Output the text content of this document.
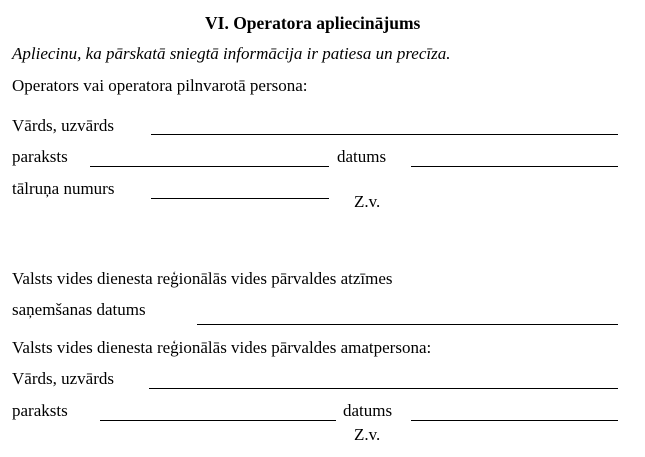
VI. Operatora apliecinājums
Apliecinu, ka pārskatā sniegtā informācija ir patiesa un precīza.
Operators vai operatora pilnvarotā persona:
Vārds, uzvārds
paraksts	datums
tālruņa numurs
Z.v.
Valsts vides dienesta reģionālās vides pārvaldes atzīmes
saņemšanas datums
Valsts vides dienesta reģionālās vides pārvaldes amatpersona:
Vārds, uzvārds
paraksts	datums
Z.v.
